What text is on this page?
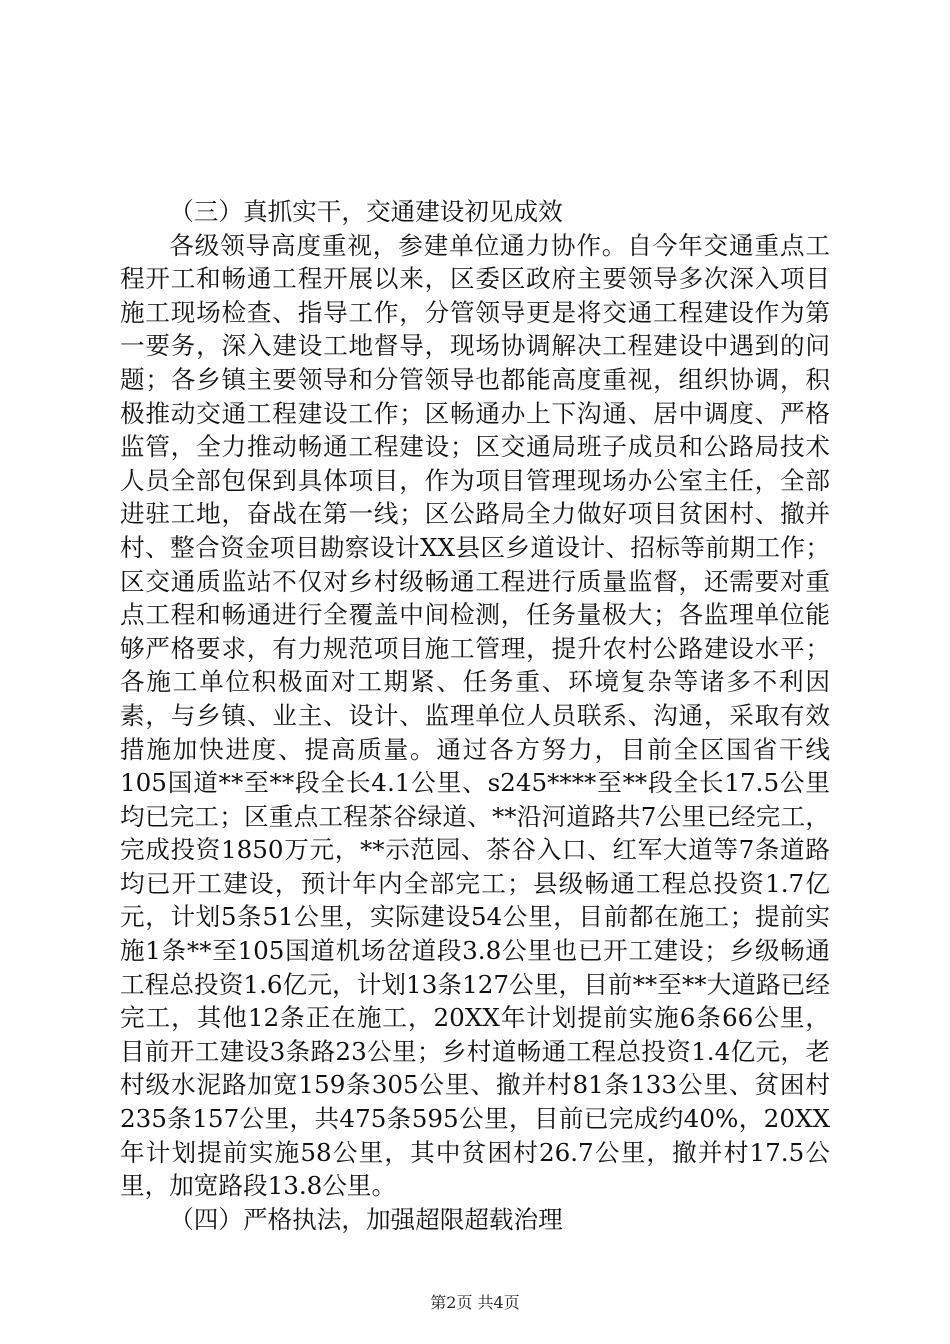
（三）真抓实干，交通建设初见成效

各级领导高度重视，参建单位通力协作。自今年交通重点工程开工和畅通工程开展以来，区委区政府主要领导多次深入项目施工现场检查、指导工作，分管领导更是将交通工程建设作为第一要务，深入建设工地督导，现场协调解决工程建设中遇到的问题；各乡镇主要领导和分管领导也都能高度重视，组织协调，积极推动交通工程建设工作；区畅通办上下沟通、居中调度、严格监管，全力推动畅通工程建设；区交通局班子成员和公路局技术人员全部包保到具体项目，作为项目管理现场办公室主任，全部进驻工地，奋战在第一线；区公路局全力做好项目贫困村、撤并村、整合资金项目勘察设计XX县区乡道设计、招标等前期工作；区交通质监站不仅对乡村级畅通工程进行质量监督，还需要对重点工程和畅通进行全覆盖中间检测，任务量极大；各监理单位能够严格要求，有力规范项目施工管理，提升农村公路建设水平；各施工单位积极面对工期紧、任务重、环境复杂等诸多不利因素，与乡镇、业主、设计、监理单位人员联系、沟通，采取有效措施加快进度、提高质量。通过各方努力，目前全区国省干线105国道**至**段全长4.1公里、s245****至**段全长17.5公里均已完工；区重点工程茶谷绿道、**沿河道路共7公里已经完工，完成投资1850万元，**示范园、茶谷入口、红军大道等7条道路均已开工建设，预计年内全部完工；县级畅通工程总投资1.7亿元，计划5条51公里，实际建设54公里，目前都在施工；提前实施1条**至105国道机场岔道段3.8公里也已开工建设；乡级畅通工程总投资1.6亿元，计划13条127公里，目前**至**大道路已经完工，其他12条正在施工，20XX年计划提前实施6条66公里，目前开工建设3条路23公里；乡村道畅通工程总投资1.4亿元，老村级水泥路加宽159条305公里、撤并村81条133公里、贫困村235条157公里，共475条595公里，目前已完成约40%，20XX年计划提前实施58公里，其中贫困村26.7公里，撤并村17.5公里，加宽路段13.8公里。

（四）严格执法，加强超限超载治理

第2页 共4页
